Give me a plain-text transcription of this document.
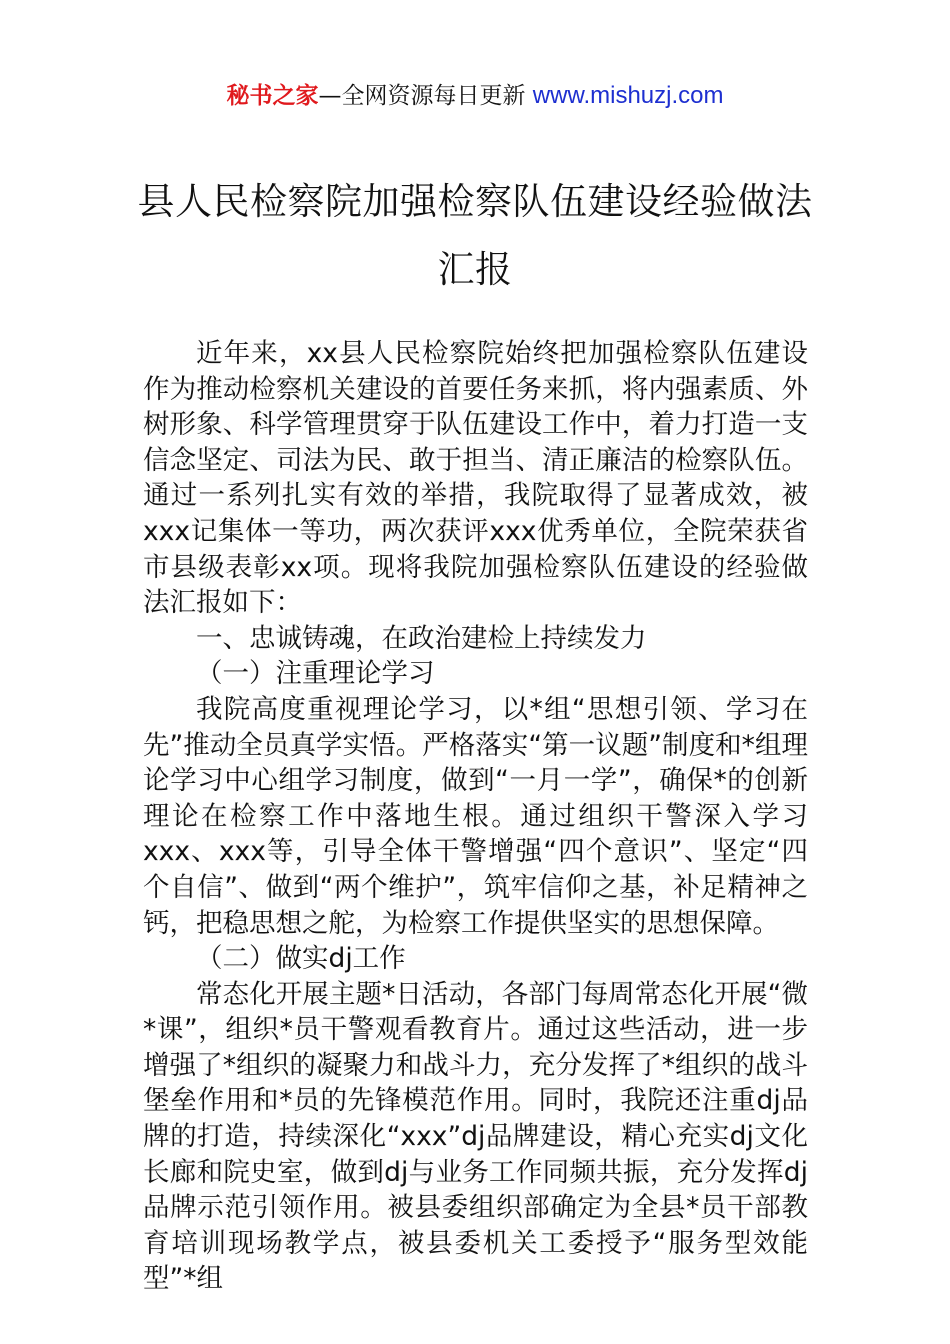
秘书之家—全网资源每日更新 www.mishuzj.com
县人民检察院加强检察队伍建设经验做法
汇报

近年来，xx县人民检察院始终把加强检察队伍建设作为推动检察机关建设的首要任务来抓，将内强素质、外树形象、科学管理贯穿于队伍建设工作中，着力打造一支信念坚定、司法为民、敢于担当、清正廉洁的检察队伍。通过一系列扎实有效的举措，我院取得了显著成效，被xxx记集体一等功，两次获评xxx优秀单位，全院荣获省市县级表彰xx项。现将我院加强检察队伍建设的经验做法汇报如下：

一、忠诚铸魂，在政治建检上持续发力

（一）注重理论学习

我院高度重视理论学习，以*组“思想引领、学习在先”推动全员真学实悟。严格落实“第一议题”制度和*组理论学习中心组学习制度，做到“一月一学”，确保*的创新理论在检察工作中落地生根。通过组织干警深入学习xxx、xxx等，引导全体干警增强“四个意识”、坚定“四个自信”、做到“两个维护”，筑牢信仰之基，补足精神之钙，把稳思想之舵，为检察工作提供坚实的思想保障。

（二）做实dj工作

常态化开展主题*日活动，各部门每周常态化开展“微*课”，组织*员干警观看教育片。通过这些活动，进一步增强了*组织的凝聚力和战斗力，充分发挥了*组织的战斗堡垒作用和*员的先锋模范作用。同时，我院还注重dj品牌的打造，持续深化“xxx”dj品牌建设，精心充实dj文化长廊和院史室，做到dj与业务工作同频共振，充分发挥dj品牌示范引领作用。被县委组织部确定为全县*员干部教育培训现场教学点，被县委机关工委授予“服务型效能型”*组
